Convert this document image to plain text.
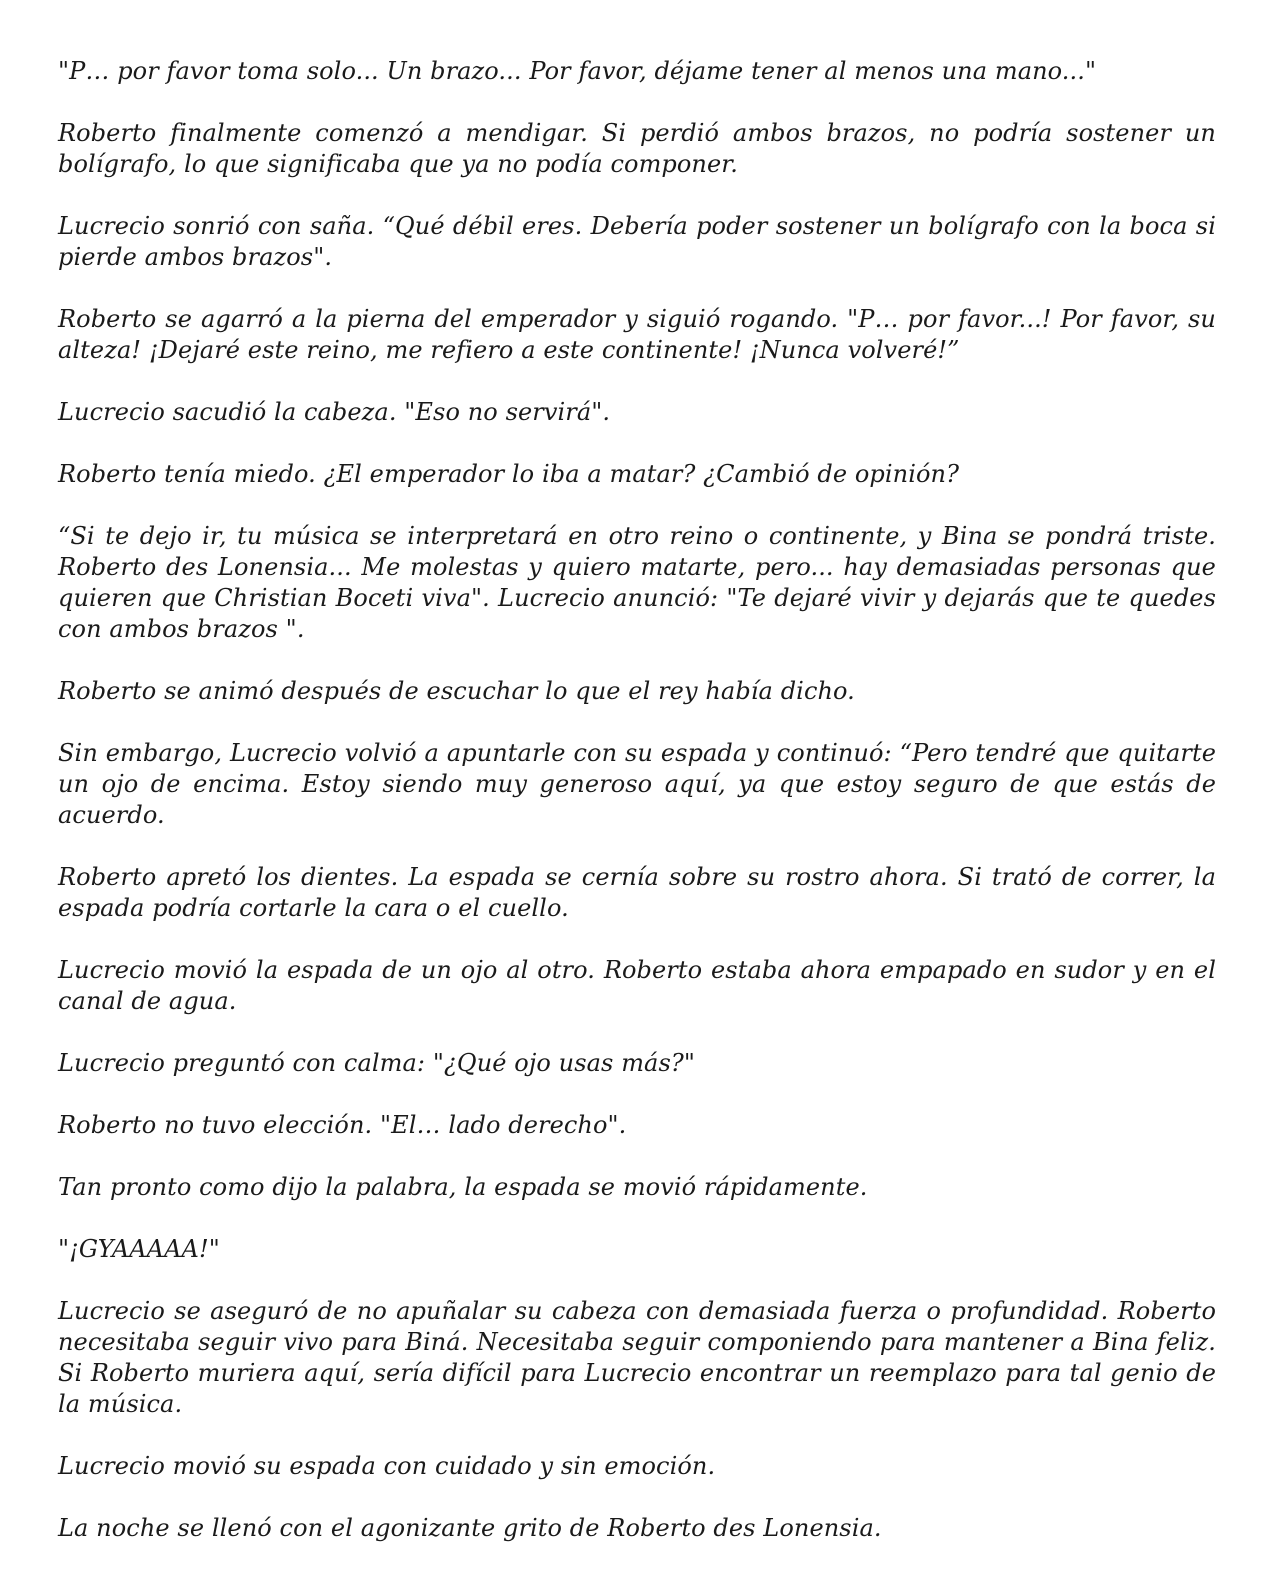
"P… por favor toma solo... Un brazo... Por favor, déjame tener al menos una mano..."

Roberto finalmente comenzó a mendigar. Si perdió ambos brazos, no podría sostener un bolígrafo, lo que significaba que ya no podía componer.

Lucrecio sonrió con saña. “Qué débil eres. Debería poder sostener un bolígrafo con la boca si pierde ambos brazos".

Roberto se agarró a la pierna del emperador y siguió rogando. "P… por favor...! Por favor, su alteza! ¡Dejaré este reino, me refiero a este continente! ¡Nunca volveré!”

Lucrecio sacudió la cabeza. "Eso no servirá".

Roberto tenía miedo. ¿El emperador lo iba a matar? ¿Cambió de opinión?

“Si te dejo ir, tu música se interpretará en otro reino o continente, y Bina se pondrá triste. Roberto des Lonensia... Me molestas y quiero matarte, pero... hay demasiadas personas que quieren que Christian Boceti viva". Lucrecio anunció: "Te dejaré vivir y dejarás que te quedes con ambos brazos ".

Roberto se animó después de escuchar lo que el rey había dicho.

Sin embargo, Lucrecio volvió a apuntarle con su espada y continuó: “Pero tendré que quitarte un ojo de encima. Estoy siendo muy generoso aquí, ya que estoy seguro de que estás de acuerdo.

Roberto apretó los dientes. La espada se cernía sobre su rostro ahora. Si trató de correr, la espada podría cortarle la cara o el cuello.

Lucrecio movió la espada de un ojo al otro. Roberto estaba ahora empapado en sudor y en el canal de agua.

Lucrecio preguntó con calma: "¿Qué ojo usas más?"

Roberto no tuvo elección. "El… lado derecho".

Tan pronto como dijo la palabra, la espada se movió rápidamente.

"¡GYAAAAA!"

Lucrecio se aseguró de no apuñalar su cabeza con demasiada fuerza o profundidad. Roberto necesitaba seguir vivo para Biná. Necesitaba seguir componiendo para mantener a Bina feliz. Si Roberto muriera aquí, sería difícil para Lucrecio encontrar un reemplazo para tal genio de la música.

Lucrecio movió su espada con cuidado y sin emoción.

La noche se llenó con el agonizante grito de Roberto des Lonensia.
